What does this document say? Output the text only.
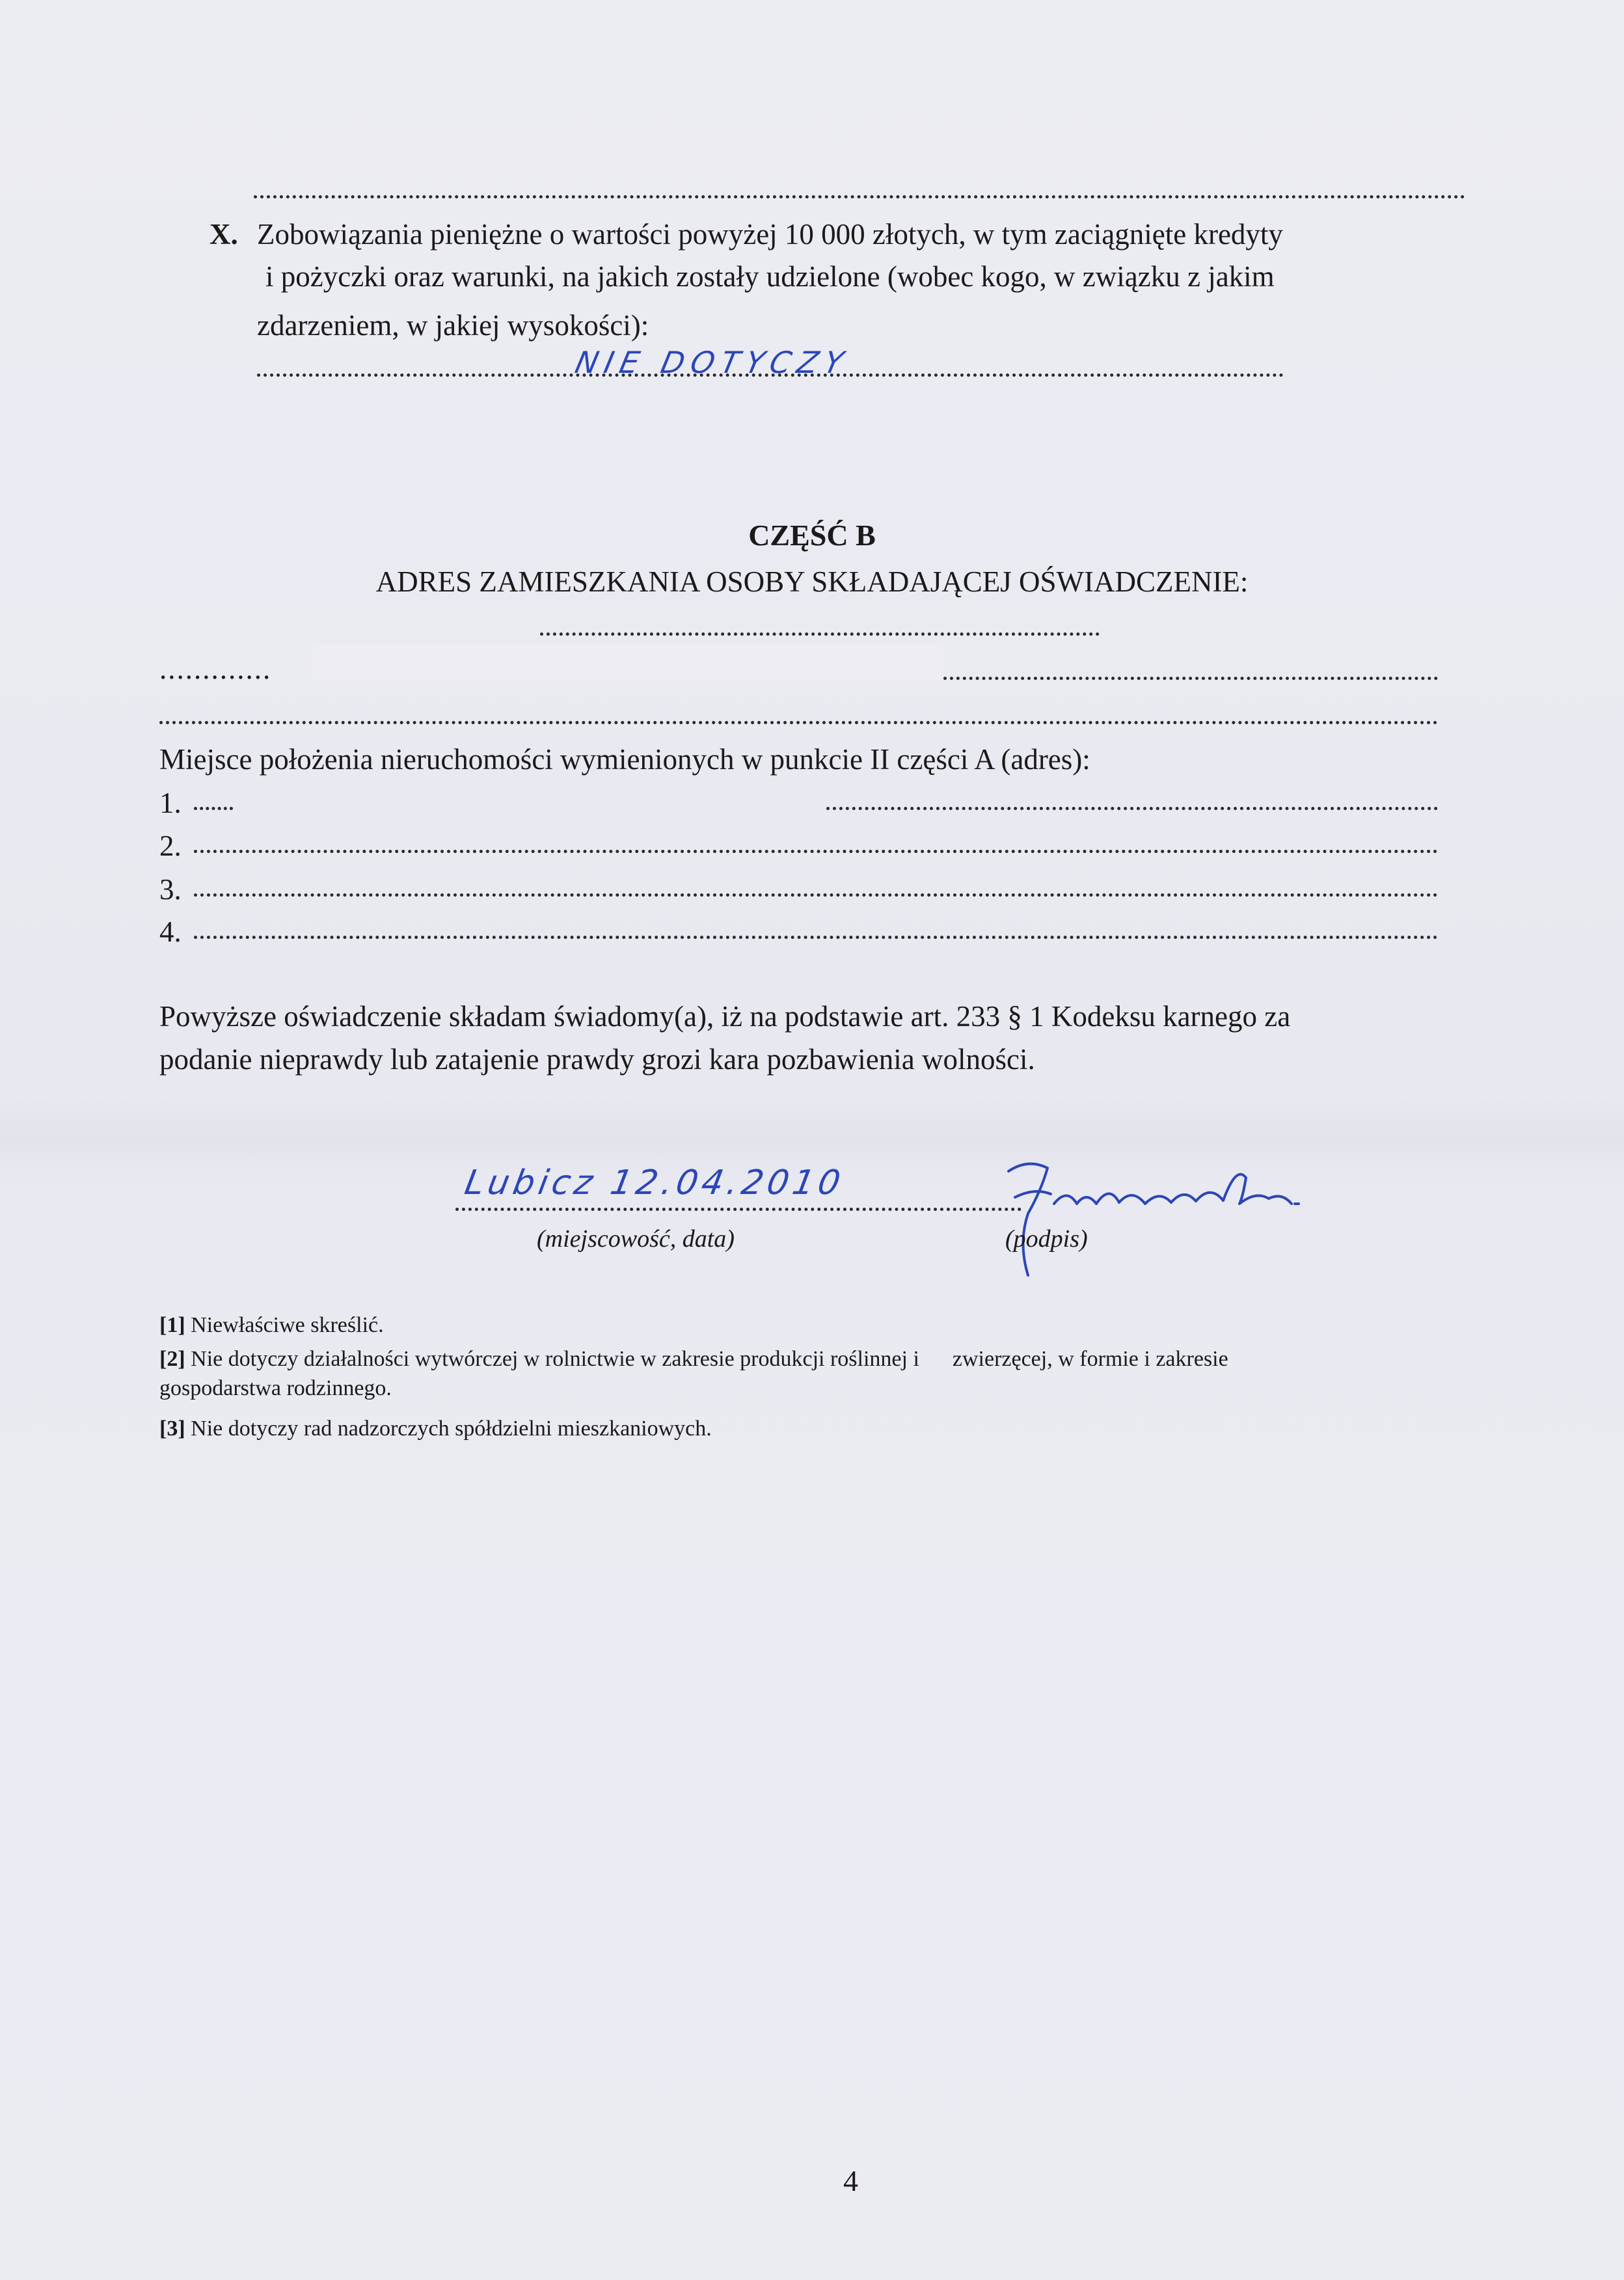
X. Zobowiązania pieniężne o wartości powyżej 10 000 złotych, w tym zaciągnięte kredyty
i pożyczki oraz warunki, na jakich zostały udzielone (wobec kogo, w związku z jakim
zdarzeniem, w jakiej wysokości):
NIE DOTYCZY
CZĘŚĆ B
ADRES ZAMIESZKANIA OSOBY SKŁADAJĄCEJ OŚWIADCZENIE:
.............
Miejsce położenia nieruchomości wymienionych w punkcie II części A (adres):
1.
2.
3.
4.
Powyższe oświadczenie składam świadomy(a), iż na podstawie art. 233 § 1 Kodeksu karnego za
podanie nieprawdy lub zatajenie prawdy grozi kara pozbawienia wolności.
Lubicz 12.04.2010
(miejscowość, data)	(podpis)
[1] Niewłaściwe skreślić.
[2] Nie dotyczy działalności wytwórczej w rolnictwie w zakresie produkcji roślinnej i      zwierzęcej, w formie i zakresie
gospodarstwa rodzinnego.
[3] Nie dotyczy rad nadzorczych spółdzielni mieszkaniowych.
4
